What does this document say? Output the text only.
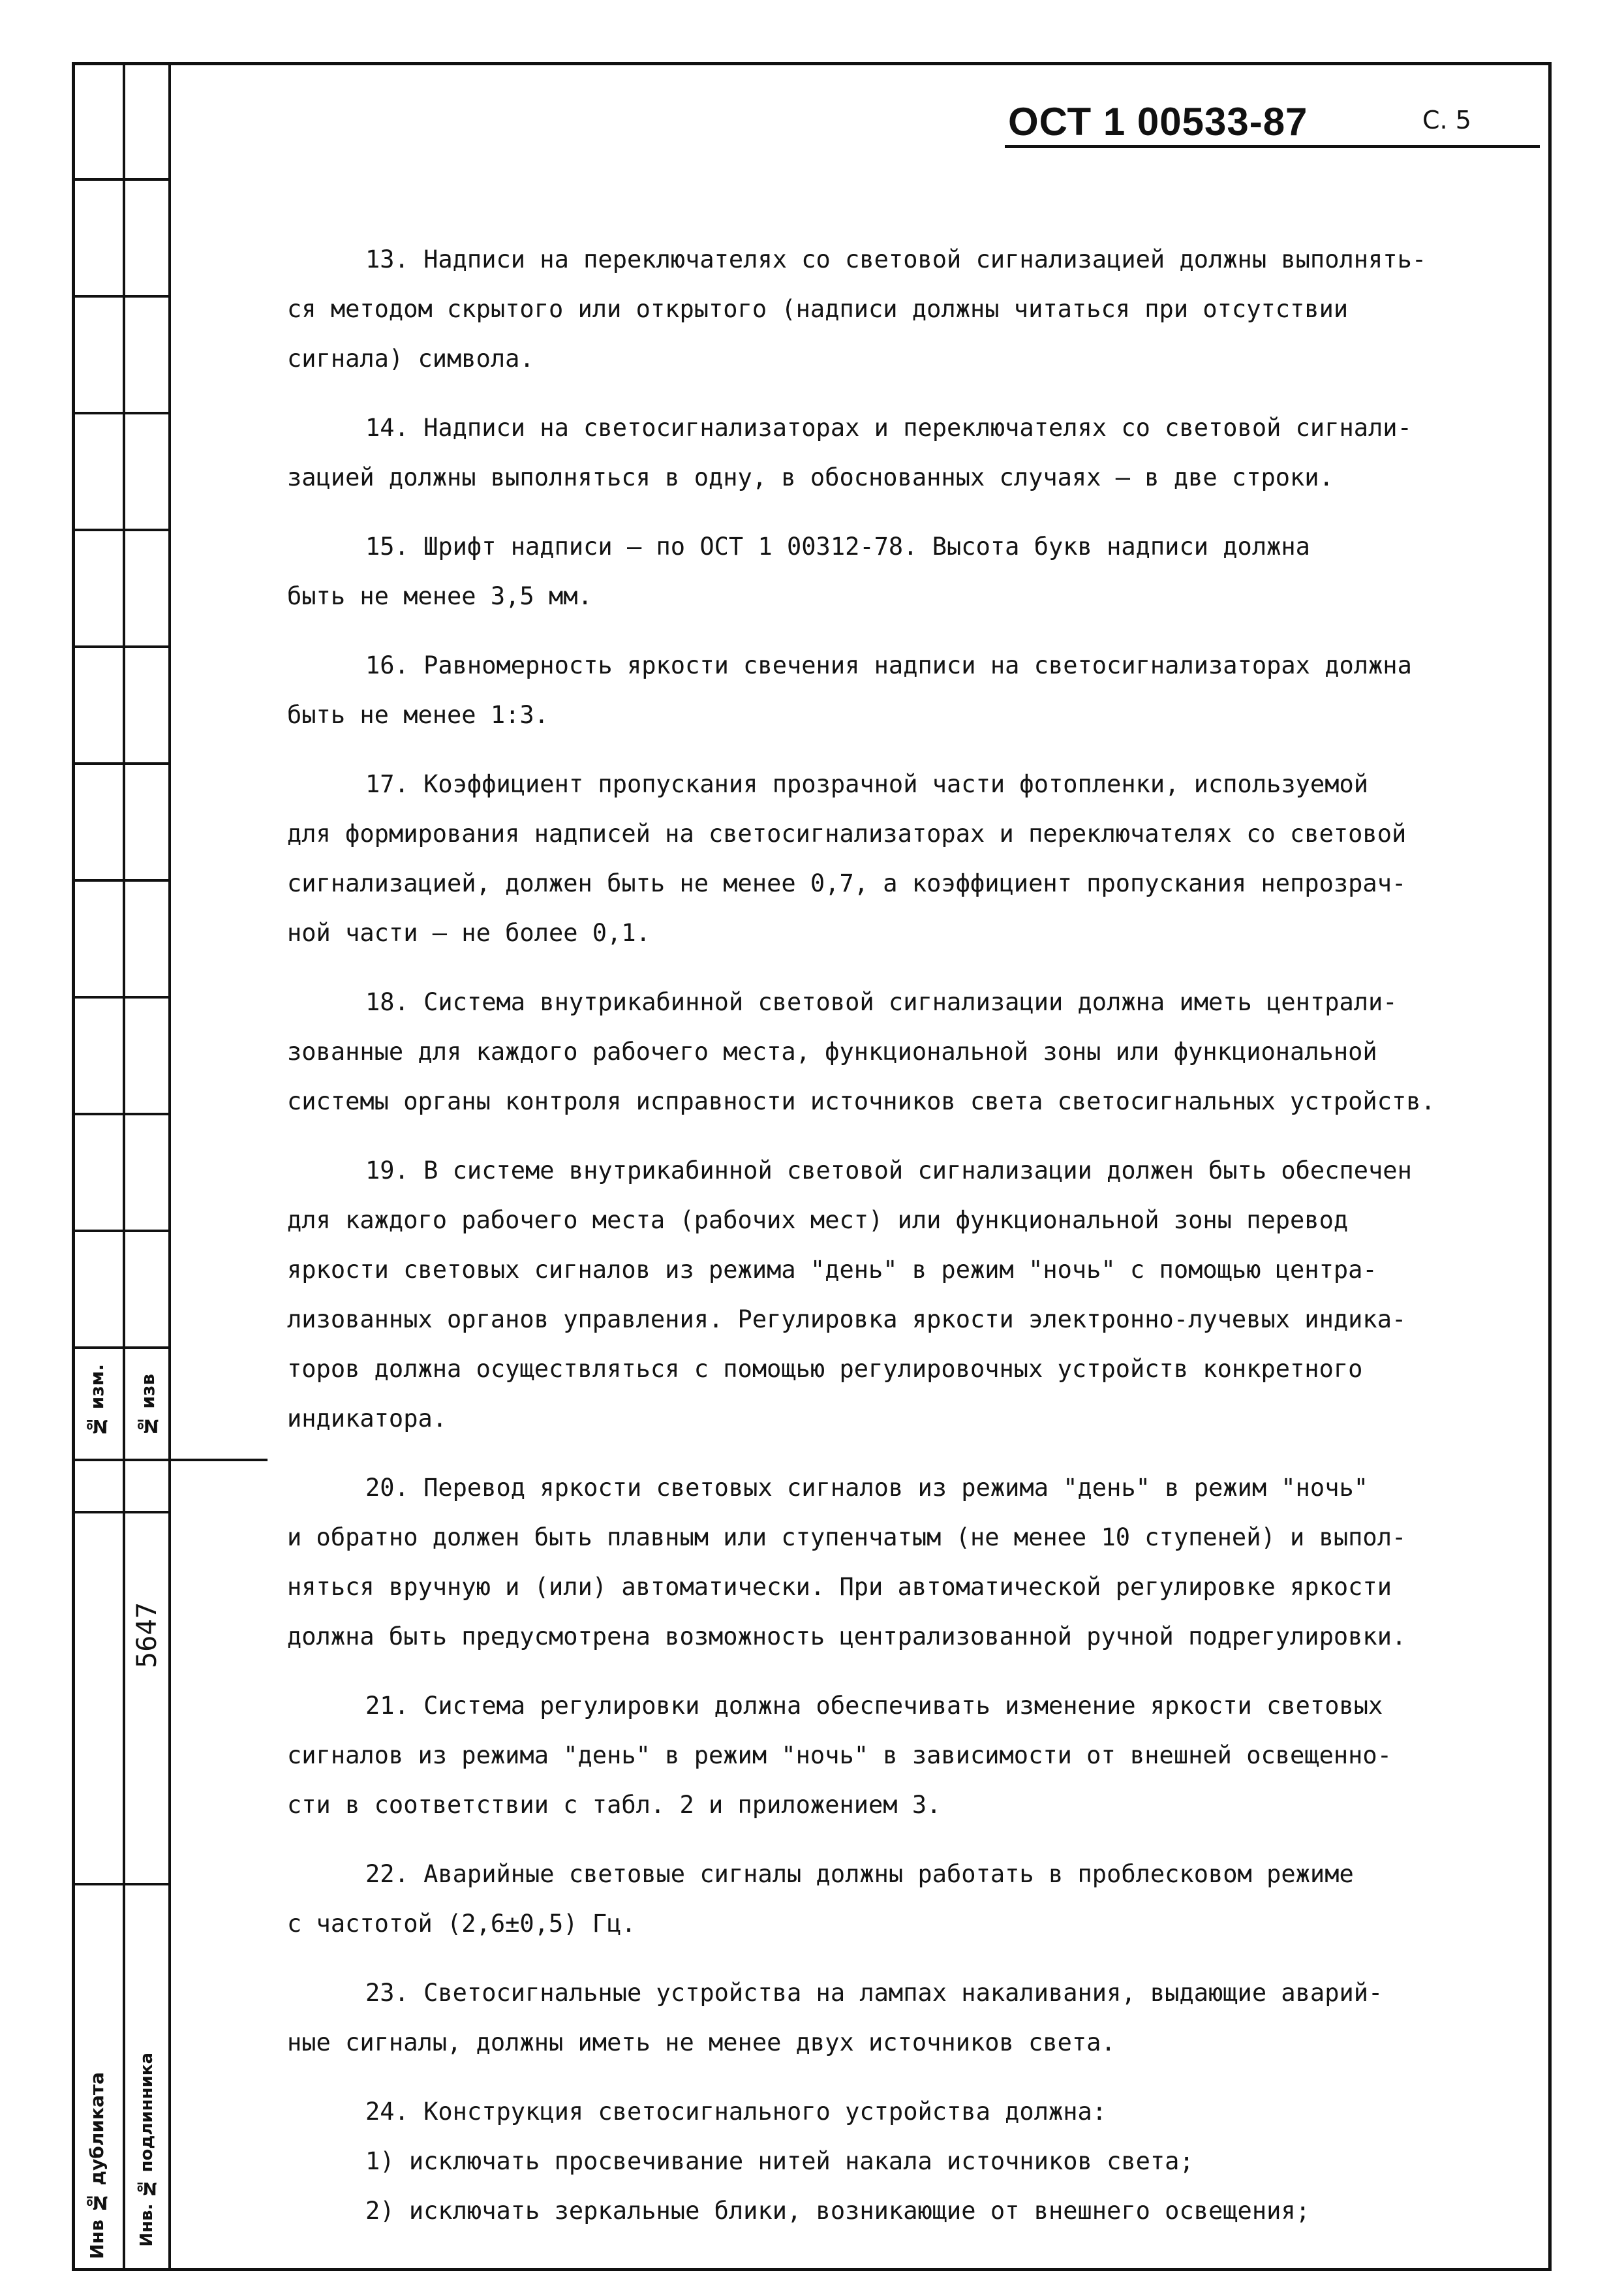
№ изм. № изв
5647
Инв № дубликата Инв. № подлинника
ОСТ 1 00533-87	С. 5

13. Надписи на переключателях со световой сигнализацией должны выполнять-
ся методом скрытого или открытого (надписи должны читаться при отсутствии
сигнала) символа.

14. Надписи на светосигнализаторах и переключателях со световой сигнали-
зацией должны выполняться в одну, в обоснованных случаях – в две строки.

15. Шрифт надписи – по ОСТ 1 00312-78. Высота букв надписи должна
быть не менее 3,5 мм.

16. Равномерность яркости свечения надписи на светосигнализаторах должна
быть не менее 1:3.

17. Коэффициент пропускания прозрачной части фотопленки, используемой
для формирования надписей на светосигнализаторах и переключателях со световой
сигнализацией, должен быть не менее 0,7, а коэффициент пропускания непрозрач-
ной части – не более 0,1.

18. Система внутрикабинной световой сигнализации должна иметь централи-
зованные для каждого рабочего места, функциональной зоны или функциональной
системы органы контроля исправности источников света светосигнальных устройств.

19. В системе внутрикабинной световой сигнализации должен быть обеспечен
для каждого рабочего места (рабочих мест) или функциональной зоны перевод
яркости световых сигналов из режима "день" в режим "ночь" с помощью центра-
лизованных органов управления. Регулировка яркости электронно-лучевых индика-
торов должна осуществляться с помощью регулировочных устройств конкретного
индикатора.

20. Перевод яркости световых сигналов из режима "день" в режим "ночь"
и обратно должен быть плавным или ступенчатым (не менее 10 ступеней) и выпол-
няться вручную и (или) автоматически. При автоматической регулировке яркости
должна быть предусмотрена возможность централизованной ручной подрегулировки.

21. Система регулировки должна обеспечивать изменение яркости световых
сигналов из режима "день" в режим "ночь" в зависимости от внешней освещенно-
сти в соответствии с табл. 2 и приложением 3.

22. Аварийные световые сигналы должны работать в проблесковом режиме
с частотой (2,6±0,5) Гц.

23. Светосигнальные устройства на лампах накаливания, выдающие аварий-
ные сигналы, должны иметь не менее двух источников света.

24. Конструкция светосигнального устройства должна:

1) исключать просвечивание нитей накала источников света;

2) исключать зеркальные блики, возникающие от внешнего освещения;
